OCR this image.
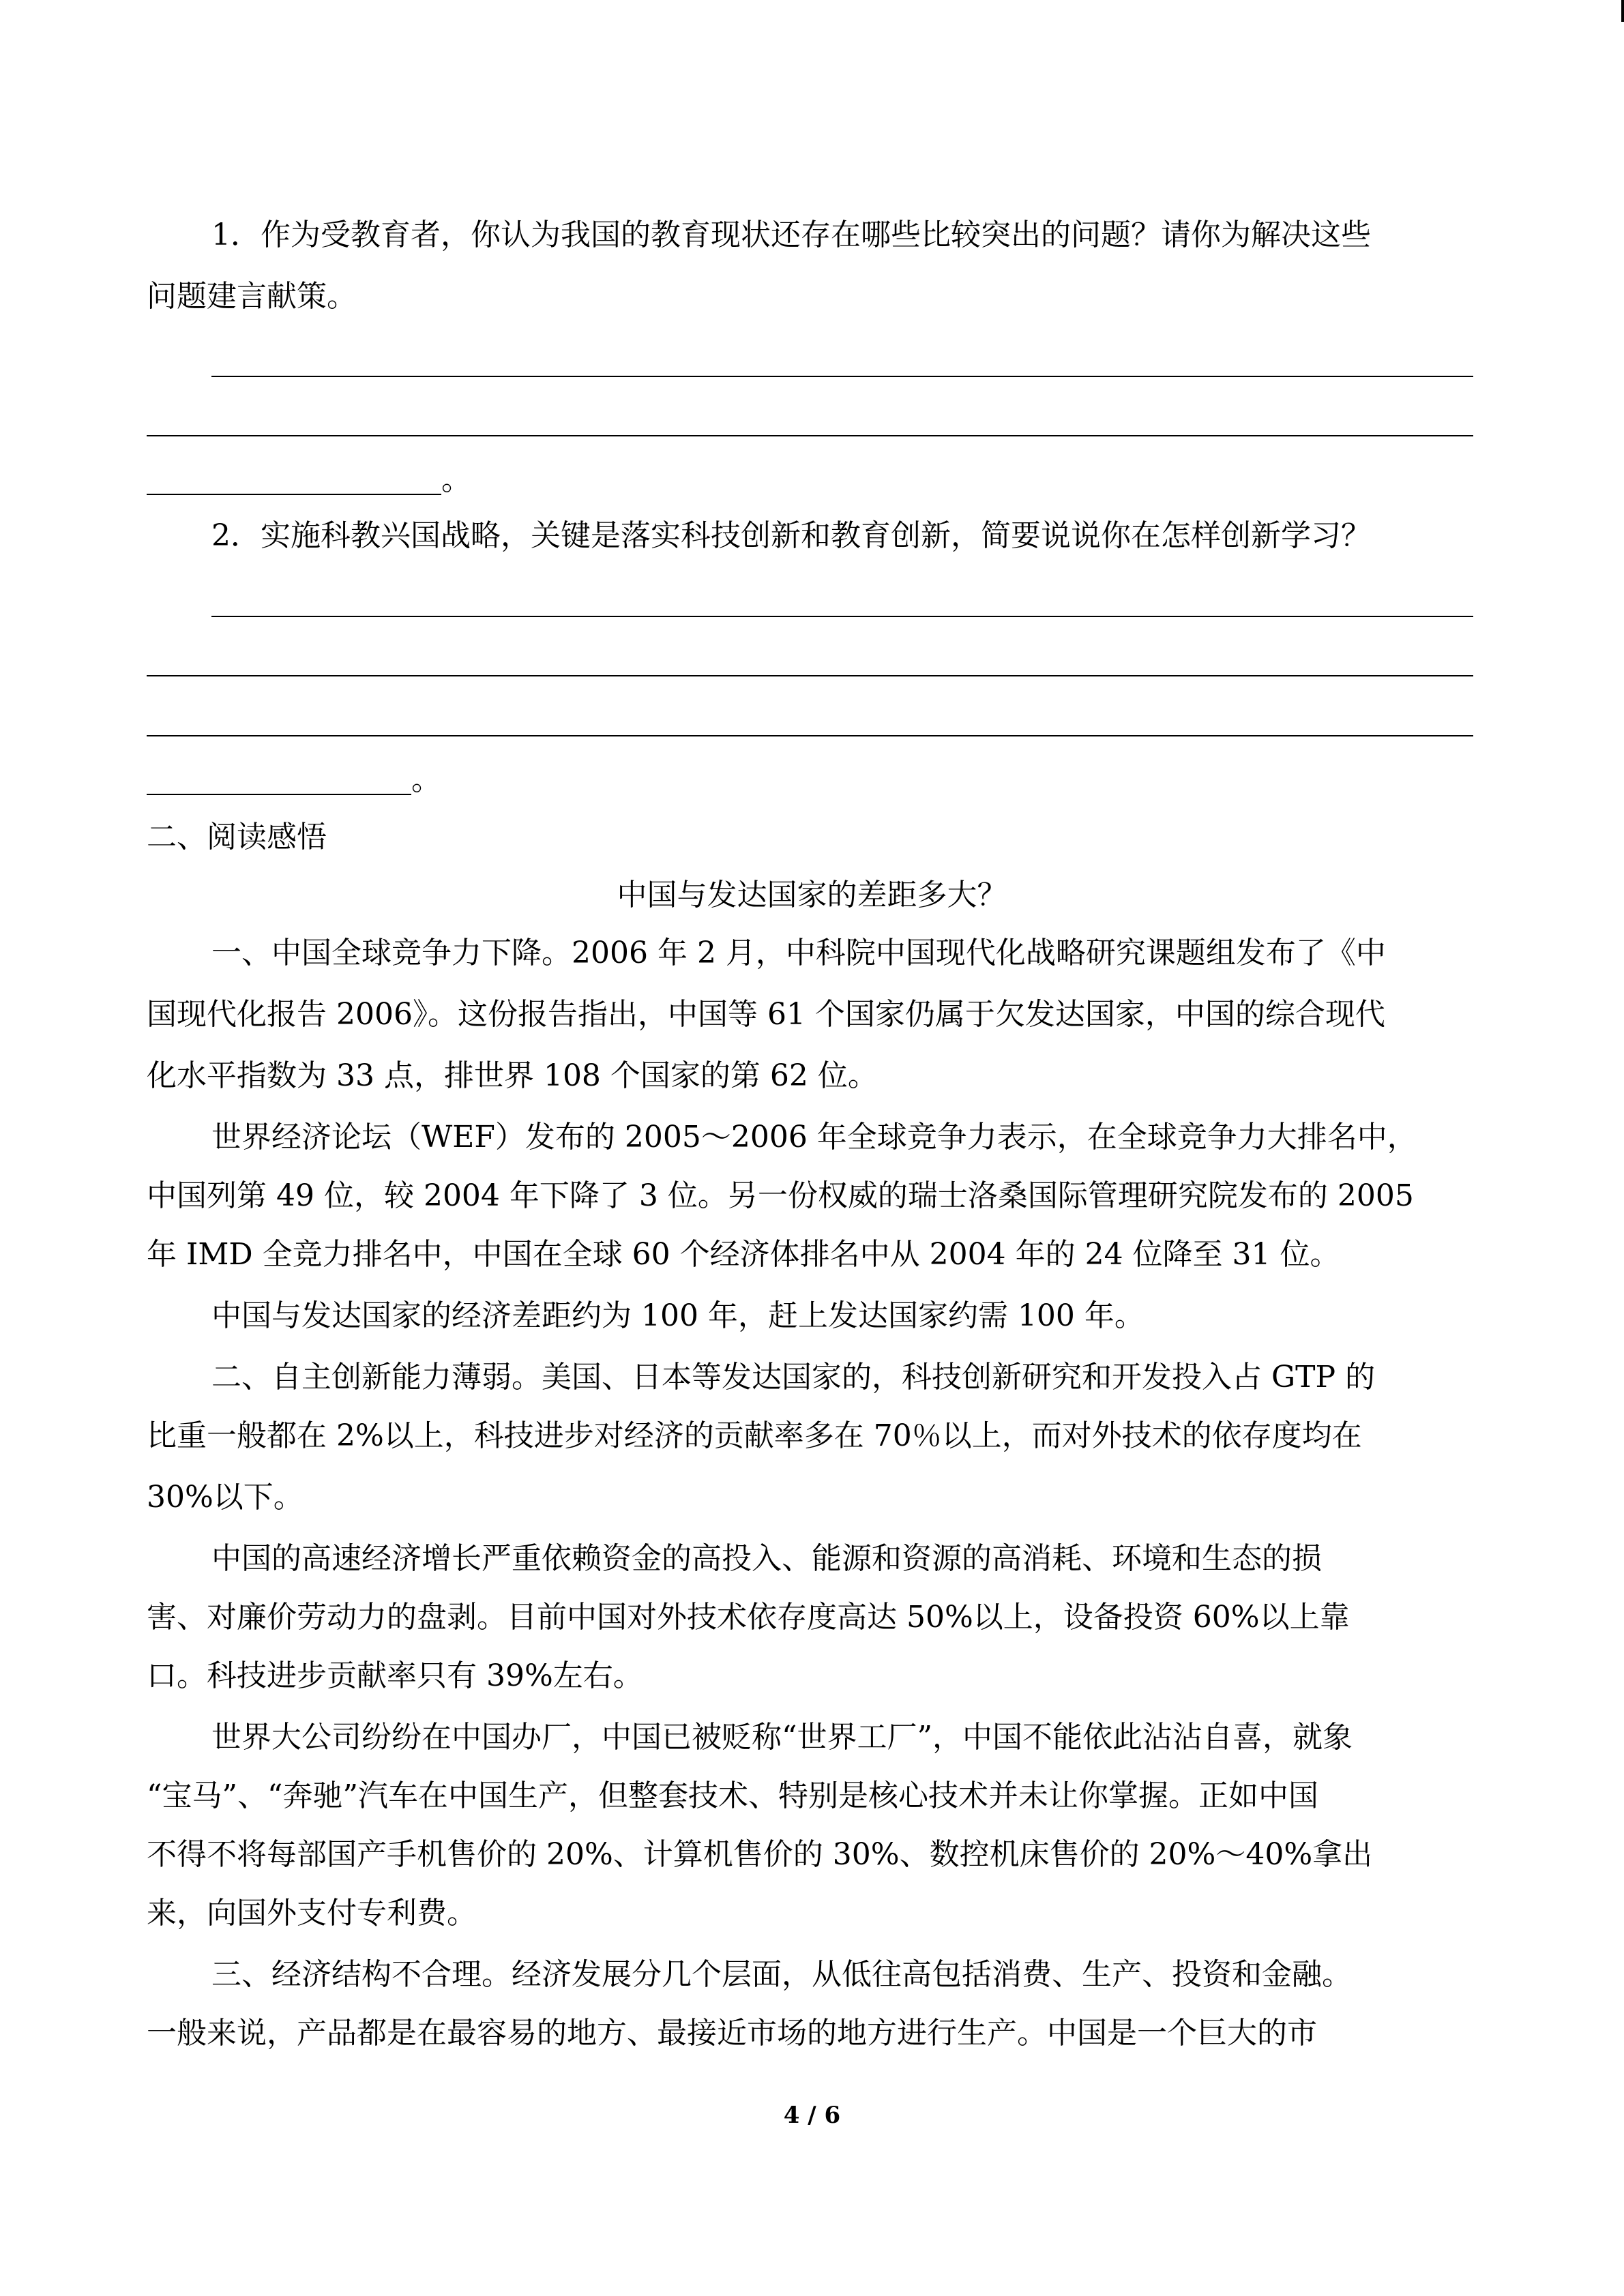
1．作为受教育者，你认为我国的教育现状还存在哪些比较突出的问题？请你为解决这些
问题建言献策。
。
2．实施科教兴国战略，关键是落实科技创新和教育创新，简要说说你在怎样创新学习？
。
二、阅读感悟
中国与发达国家的差距多大？
一、中国全球竞争力下降。2006 年 2 月，中科院中国现代化战略研究课题组发布了《中
国现代化报告 2006》。这份报告指出，中国等 61 个国家仍属于欠发达国家，中国的综合现代
化水平指数为 33 点，排世界 108 个国家的第 62 位。
世界经济论坛（WEF）发布的 2005～2006 年全球竞争力表示，在全球竞争力大排名中，
中国列第 49 位，较 2004 年下降了 3 位。另一份权威的瑞士洛桑国际管理研究院发布的 2005
年 IMD 全竞力排名中，中国在全球 60 个经济体排名中从 2004 年的 24 位降至 31 位。
中国与发达国家的经济差距约为 100 年，赶上发达国家约需 100 年。
二、自主创新能力薄弱。美国、日本等发达国家的，科技创新研究和开发投入占 GTP 的
比重一般都在 2%以上，科技进步对经济的贡献率多在 70％以上，而对外技术的依存度均在
30%以下。
中国的高速经济增长严重依赖资金的高投入、能源和资源的高消耗、环境和生态的损
害、对廉价劳动力的盘剥。目前中国对外技术依存度高达 50%以上，设备投资 60%以上靠
口。科技进步贡献率只有 39%左右。
世界大公司纷纷在中国办厂，中国已被贬称“世界工厂”，中国不能依此沾沾自喜，就象
“宝马”、“奔驰”汽车在中国生产，但整套技术、特别是核心技术并未让你掌握。正如中国
不得不将每部国产手机售价的 20%、计算机售价的 30%、数控机床售价的 20%～40%拿出
来，向国外支付专利费。
三、经济结构不合理。经济发展分几个层面，从低往高包括消费、生产、投资和金融。
一般来说，产品都是在最容易的地方、最接近市场的地方进行生产。中国是一个巨大的市
4 / 6
